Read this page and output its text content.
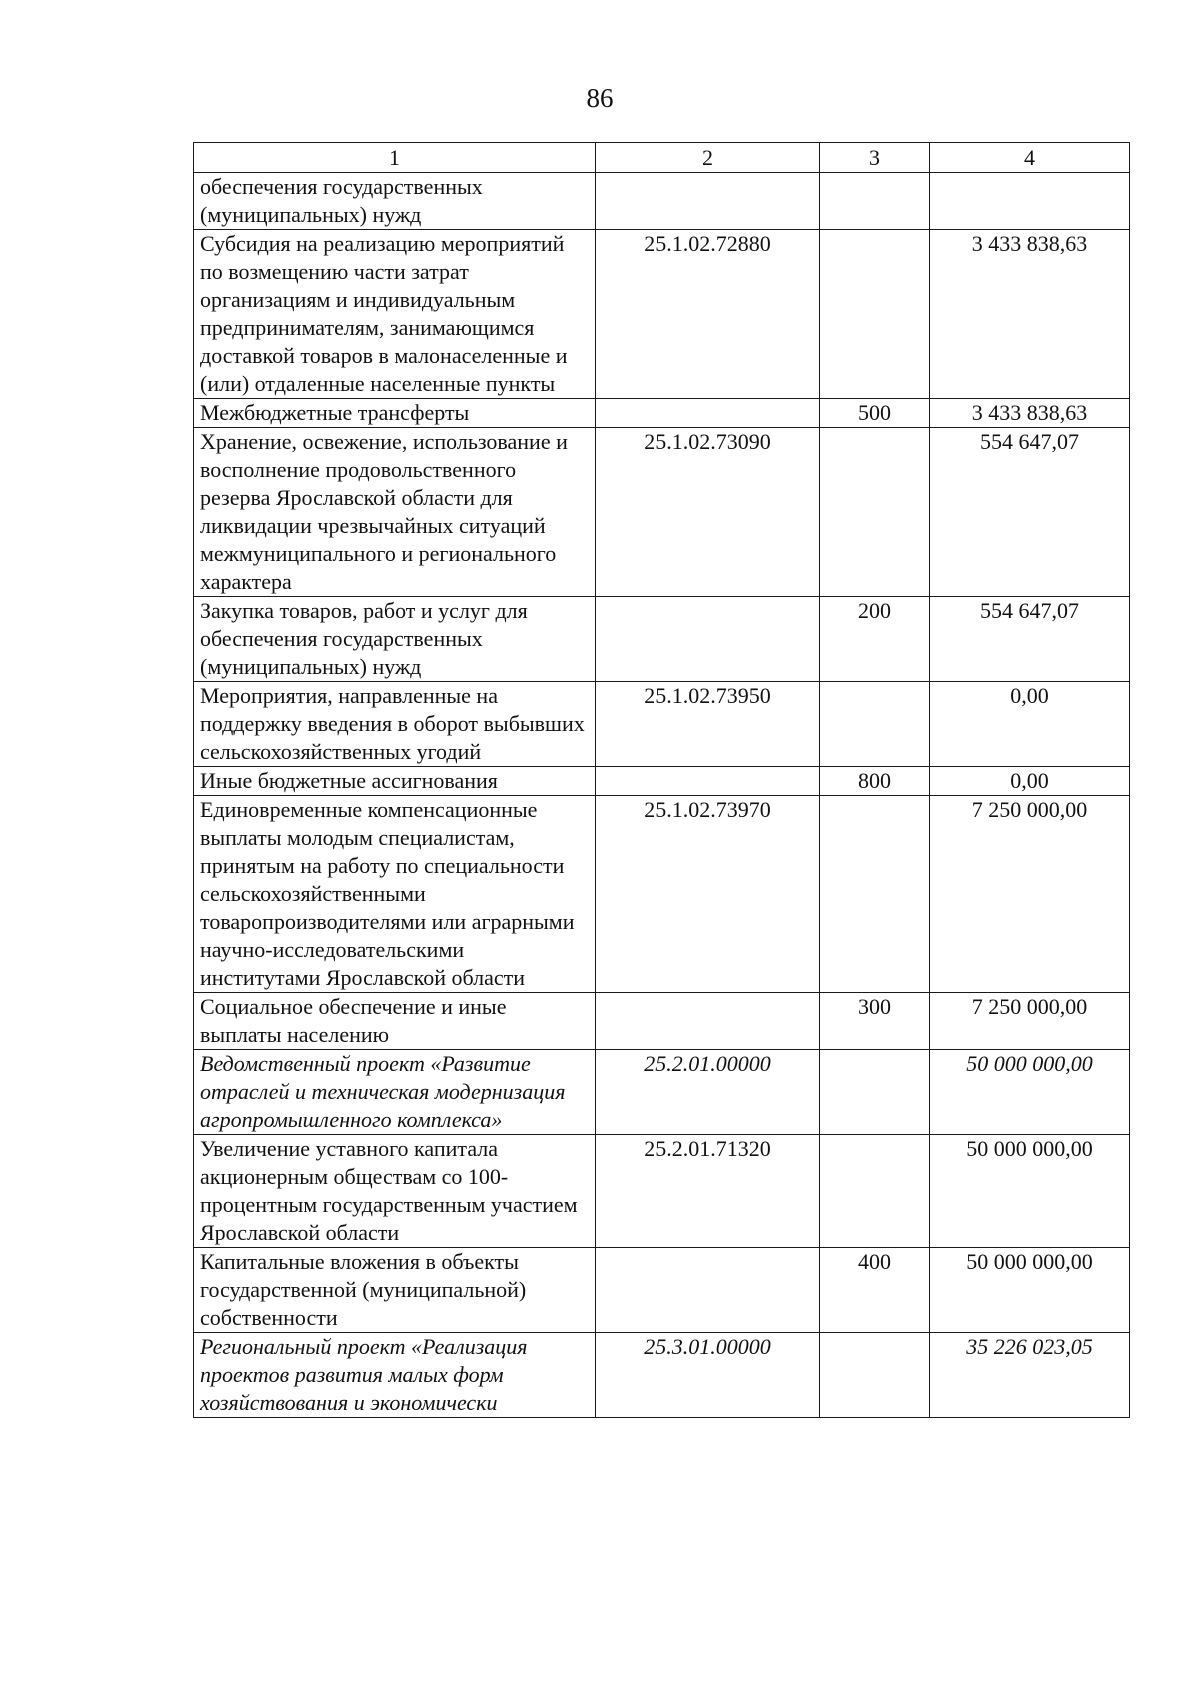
86
1	2	3	4
обеспечения государственных (муниципальных) нужд			
Субсидия на реализацию мероприятий по возмещению части затрат организациям и индивидуальным предпринимателям, занимающимся доставкой товаров в малонаселенные и (или) отдаленные населенные пункты	25.1.02.72880		3 433 838,63
Межбюджетные трансферты		500	3 433 838,63
Хранение, освежение, использование и восполнение продовольственного резерва Ярославской области для ликвидации чрезвычайных ситуаций межмуниципального и регионального характера	25.1.02.73090		554 647,07
Закупка товаров, работ и услуг для обеспечения государственных (муниципальных) нужд		200	554 647,07
Мероприятия, направленные на поддержку введения в оборот выбывших сельскохозяйственных угодий	25.1.02.73950		0,00
Иные бюджетные ассигнования		800	0,00
Единовременные компенсационные выплаты молодым специалистам, принятым на работу по специальности сельскохозяйственными товаропроизводителями или аграрными научно-исследовательскими институтами Ярославской области	25.1.02.73970		7 250 000,00
Социальное обеспечение и иные выплаты населению		300	7 250 000,00
Ведомственный проект «Развитие отраслей и техническая модернизация агропромышленного комплекса»	25.2.01.00000		50 000 000,00
Увеличение уставного капитала акционерным обществам со 100-процентным государственным участием Ярославской области	25.2.01.71320		50 000 000,00
Капитальные вложения в объекты государственной (муниципальной) собственности		400	50 000 000,00
Региональный проект «Реализация проектов развития малых форм хозяйствования и экономически	25.3.01.00000		35 226 023,05
